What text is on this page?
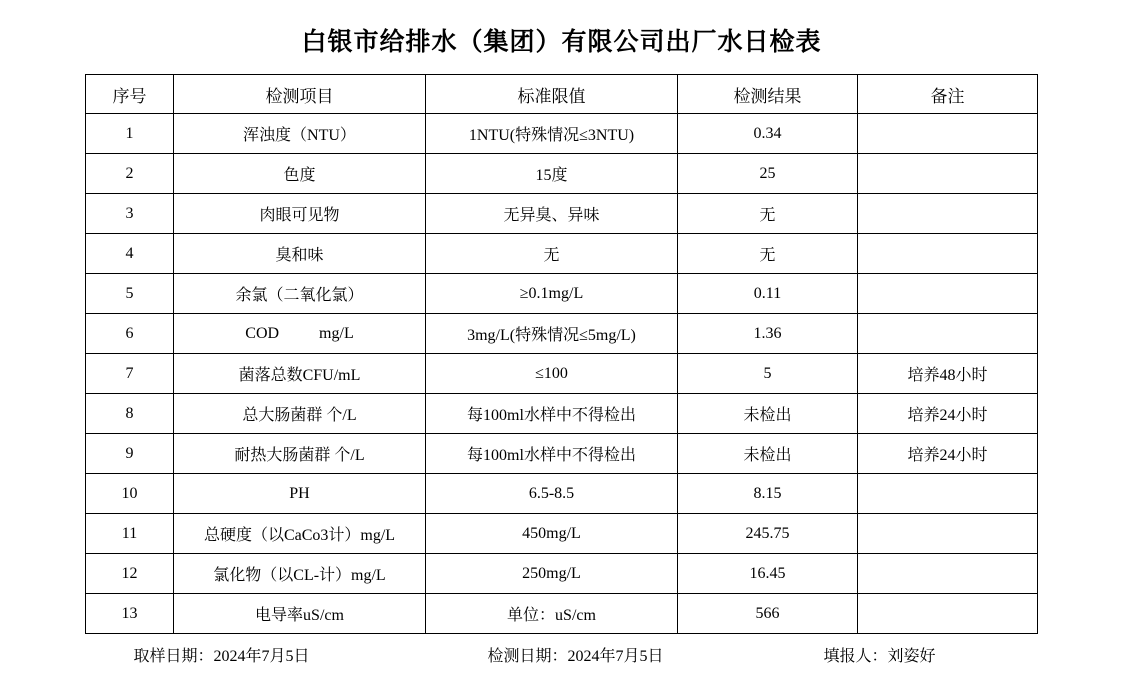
白银市给排水（集团）有限公司出厂水日检表
序号	检测项目	标准限值	检测结果	备注
1	浑浊度（NTU）	1NTU(特殊情况≤3NTU)	0.34	
2	色度	15度	25	
3	肉眼可见物	无异臭、异味	无	
4	臭和味	无	无	
5	余氯（二氧化氯）	≥0.1mg/L	0.11	
6	COD          mg/L	3mg/L(特殊情况≤5mg/L)	1.36	
7	菌落总数CFU/mL	≤100	5	培养48小时
8	总大肠菌群 个/L	每100ml水样中不得检出	未检出	培养24小时
9	耐热大肠菌群 个/L	每100ml水样中不得检出	未检出	培养24小时
10	PH	6.5-8.5	8.15	
11	总硬度（以CaCo3计）mg/L	450mg/L	245.75	
12	氯化物（以CL-计）mg/L	250mg/L	16.45	
13	电导率uS/cm	单位：uS/cm	566	
取样日期：2024年7月5日	检测日期：2024年7月5日	填报人：刘姿好
